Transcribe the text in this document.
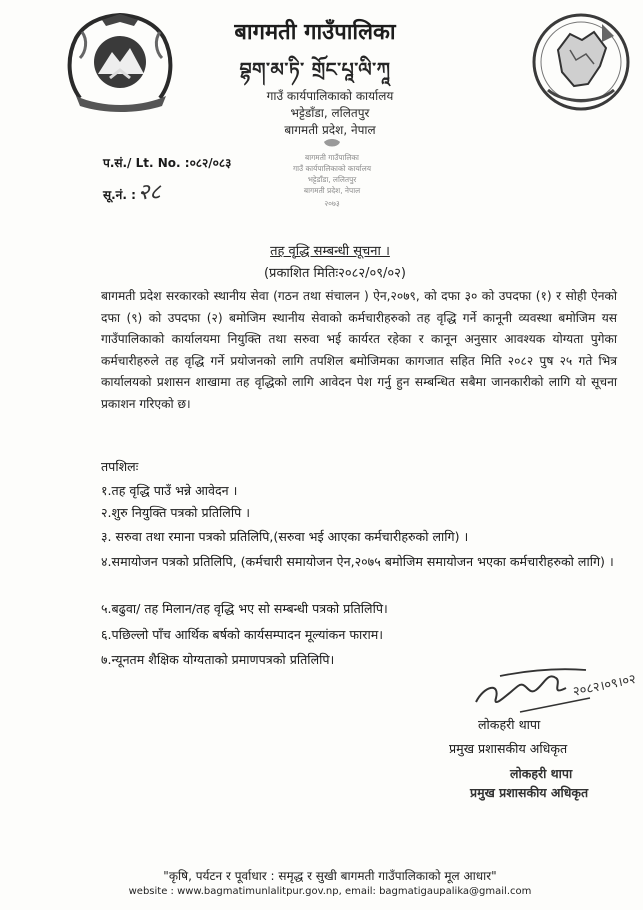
बागमती गाउँपालिका
བྷག་མ་ཏི་ གྲོང་པཱ་ལི་ཀཱ
गाउँ कार्यपालिकाको कार्यालय
भट्टेडाँडा, ललितपुर
बागमती प्रदेश, नेपाल
प.सं./ Lt. No. :०८२/०८३
सू.नं. :२८
बागमती गाउँपालिका
गाउँ कार्यपालिकाको कार्यालय
भट्टेडाँडा, ललितपुर
बागमती प्रदेश, नेपाल
२०७३
तह वृद्धि सम्बन्धी सूचना ।
(प्रकाशित मितिः२०८२/०९/०२)
बागमती प्रदेश सरकारको स्थानीय सेवा (गठन तथा संचालन ) ऐन,२०७९, को दफा ३० को उपदफा (१) र सोही ऐनको दफा (९) को उपदफा (२) बमोजिम स्थानीय सेवाको कर्मचारीहरुको तह वृद्धि गर्ने कानूनी व्यवस्था बमोजिम यस गाउँपालिकाको कार्यालयमा नियुक्ति तथा सरुवा भई कार्यरत रहेका र कानून अनुसार आवश्यक योग्यता पुगेका कर्मचारीहरुले तह वृद्धि गर्ने प्रयोजनको लागि तपशिल बमोजिमका कागजात सहित मिति २०८२ पुष २५ गते भित्र कार्यालयको प्रशासन शाखामा तह वृद्धिको लागि आवेदन पेश गर्नु हुन सम्बन्धित सबैमा जानकारीको लागि यो सूचना प्रकाशन गरिएको छ।
तपशिलः
१.तह वृद्धि पाउँ भन्ने आवेदन ।
२.शुरु नियुक्ति पत्रको प्रतिलिपि ।
३. सरुवा तथा रमाना पत्रको प्रतिलिपि,(सरुवा भई आएका कर्मचारीहरुको लागि) ।
४.समायोजन पत्रको प्रतिलिपि, (कर्मचारी समायोजन ऐन,२०७५ बमोजिम समायोजन भएका कर्मचारीहरुको लागि) ।
५.बढुवा/ तह मिलान/तह वृद्धि भए सो सम्बन्धी पत्रको प्रतिलिपि।
६.पछिल्लो पाँच आर्थिक बर्षको कार्यसम्पादन मूल्यांकन फाराम।
७.न्यूनतम शैक्षिक योग्यताको प्रमाणपत्रको प्रतिलिपि।
२०८२।०९।०२
लोकहरी थापा
प्रमुख प्रशासकीय अधिकृत
लोकहरी थापा
प्रमुख प्रशासकीय अधिकृत
"कृषि, पर्यटन र पूर्वाधार : समृद्ध र सुखी बागमती गाउँपालिकाको मूल आधार"
website : www.bagmatimunlalitpur.gov.np, email: bagmatigaupalika@gmail.com
